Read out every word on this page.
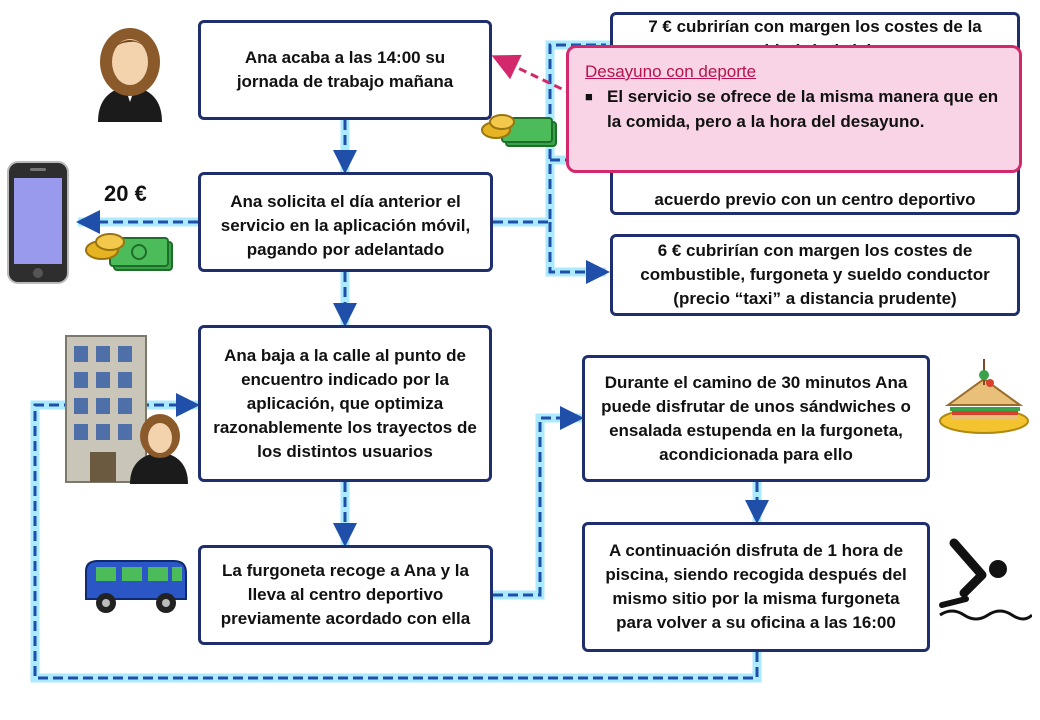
Ana acaba a las 14:00 su jornada de trabajo mañana
Ana solicita el día anterior el servicio en la aplicación móvil, pagando por adelantado
Ana baja a la calle al punto de encuentro indicado por la aplicación, que optimiza razonablemente los trayectos de los distintos usuarios
La furgoneta recoge a Ana y la lleva al centro deportivo previamente acordado con ella
7 € cubrirían con margen los costes de la
acuerdo previo con un centro deportivo
6 € cubrirían con margen los costes de combustible, furgoneta y sueldo conductor (precio “taxi” a distancia prudente)
Durante el camino de 30 minutos Ana puede disfrutar de unos sándwiches o ensalada estupenda en la furgoneta, acondicionada para ello
A continuación disfruta de 1 hora de piscina, siendo recogida después del mismo sitio por la misma furgoneta para volver a su oficina a las 16:00
20 €
Desayuno con deporte
■ El servicio se ofrece de la misma manera que en la comida, pero a la hora del desayuno.
